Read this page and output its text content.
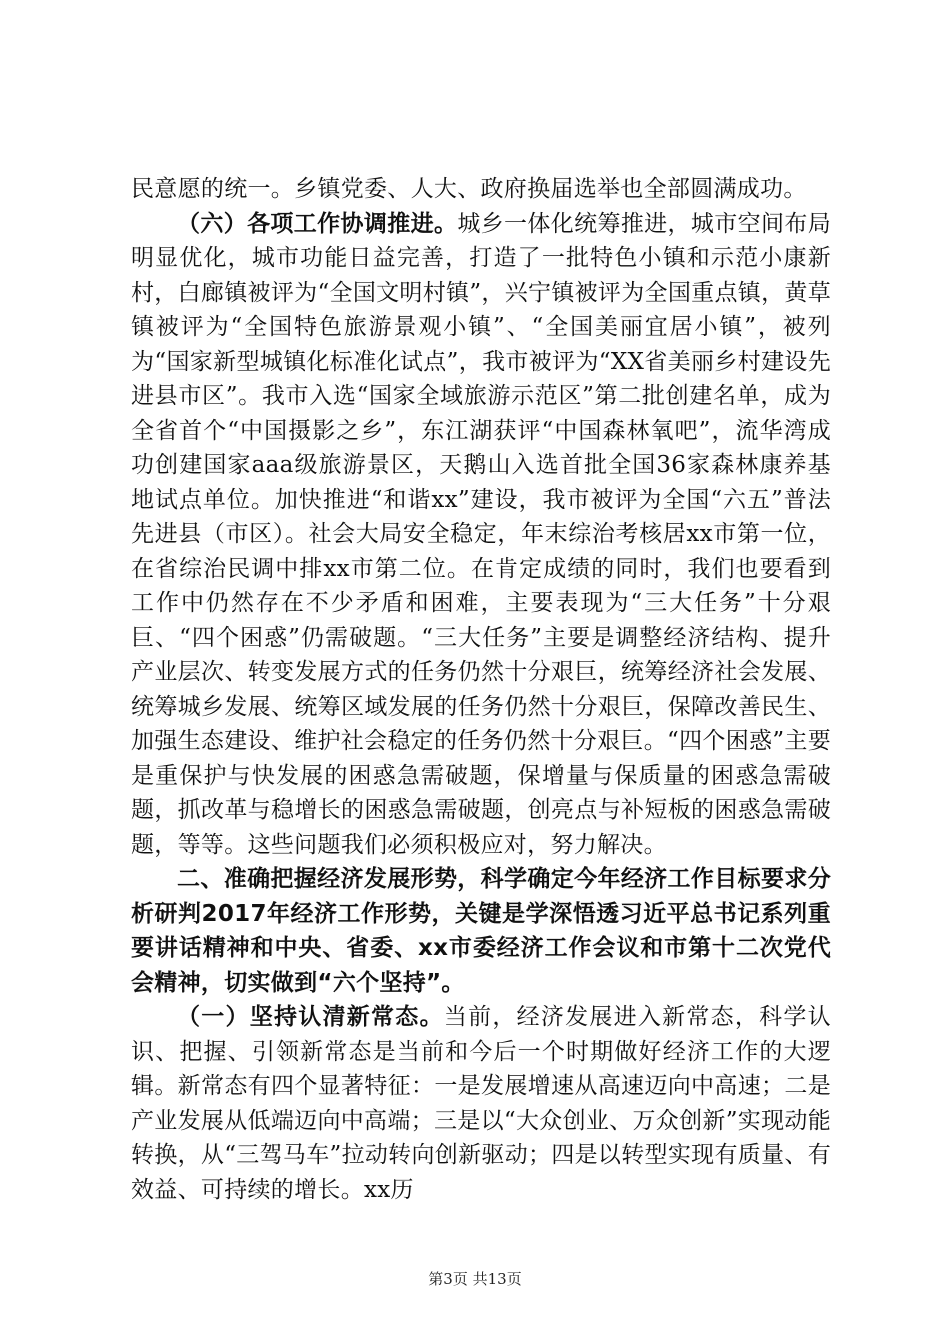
民意愿的统一。乡镇党委、人大、政府换届选举也全部圆满成功。

（六）各项工作协调推进。城乡一体化统筹推进，城市空间布局明显优化，城市功能日益完善，打造了一批特色小镇和示范小康新村，白廊镇被评为“全国文明村镇”，兴宁镇被评为全国重点镇，黄草镇被评为“全国特色旅游景观小镇”、“全国美丽宜居小镇”，被列为“国家新型城镇化标准化试点”，我市被评为“XX省美丽乡村建设先进县市区”。我市入选“国家全域旅游示范区”第二批创建名单，成为全省首个“中国摄影之乡”，东江湖获评“中国森林氧吧”，流华湾成功创建国家aaa级旅游景区，天鹅山入选首批全国36家森林康养基地试点单位。加快推进“和谐xx”建设，我市被评为全国“六五”普法先进县（市区）。社会大局安全稳定，年末综治考核居xx市第一位，在省综治民调中排xx市第二位。在肯定成绩的同时，我们也要看到工作中仍然存在不少矛盾和困难，主要表现为“三大任务”十分艰巨、“四个困惑”仍需破题。“三大任务”主要是调整经济结构、提升产业层次、转变发展方式的任务仍然十分艰巨，统筹经济社会发展、统筹城乡发展、统筹区域发展的任务仍然十分艰巨，保障改善民生、加强生态建设、维护社会稳定的任务仍然十分艰巨。“四个困惑”主要是重保护与快发展的困惑急需破题，保增量与保质量的困惑急需破题，抓改革与稳增长的困惑急需破题，创亮点与补短板的困惑急需破题，等等。这些问题我们必须积极应对，努力解决。

二、准确把握经济发展形势，科学确定今年经济工作目标要求分析研判2017年经济工作形势，关键是学深悟透习近平总书记系列重要讲话精神和中央、省委、xx市委经济工作会议和市第十二次党代会精神，切实做到“六个坚持”。

（一）坚持认清新常态。当前，经济发展进入新常态，科学认识、把握、引领新常态是当前和今后一个时期做好经济工作的大逻辑。新常态有四个显著特征：一是发展增速从高速迈向中高速；二是产业发展从低端迈向中高端；三是以“大众创业、万众创新”实现动能转换，从“三驾马车”拉动转向创新驱动；四是以转型实现有质量、有效益、可持续的增长。xx历

第3页 共13页
